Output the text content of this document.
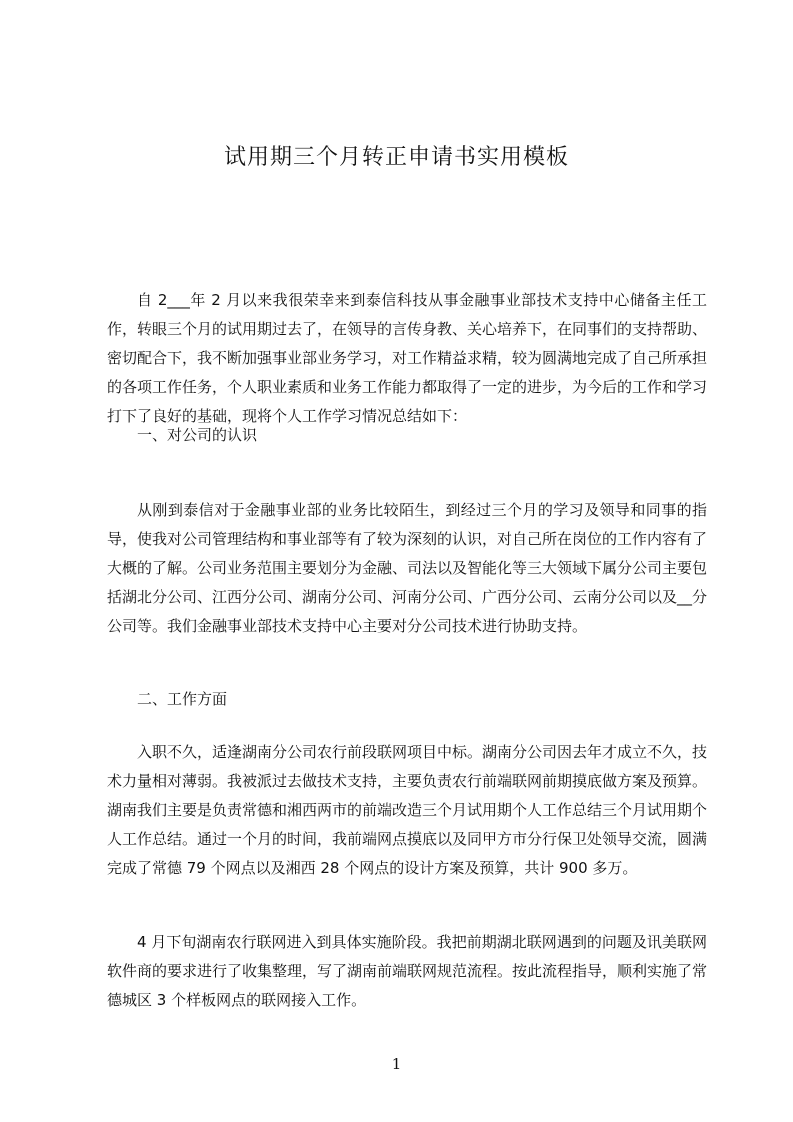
试用期三个月转正申请书实用模板
自 2___年 2 月以来我很荣幸来到泰信科技从事金融事业部技术支持中心储备主任工作，转眼三个月的试用期过去了，在领导的言传身教、关心培养下，在同事们的支持帮助、密切配合下，我不断加强事业部业务学习，对工作精益求精，较为圆满地完成了自己所承担的各项工作任务，个人职业素质和业务工作能力都取得了一定的进步，为今后的工作和学习打下了良好的基础，现将个人工作学习情况总结如下：
一、对公司的认识
从刚到泰信对于金融事业部的业务比较陌生，到经过三个月的学习及领导和同事的指导，使我对公司管理结构和事业部等有了较为深刻的认识，对自己所在岗位的工作内容有了大概的了解。公司业务范围主要划分为金融、司法以及智能化等三大领域下属分公司主要包括湖北分公司、江西分公司、湖南分公司、河南分公司、广西分公司、云南分公司以及__分公司等。我们金融事业部技术支持中心主要对分公司技术进行协助支持。
二、工作方面
入职不久，适逢湖南分公司农行前段联网项目中标。湖南分公司因去年才成立不久，技术力量相对薄弱。我被派过去做技术支持，主要负责农行前端联网前期摸底做方案及预算。湖南我们主要是负责常德和湘西两市的前端改造三个月试用期个人工作总结三个月试用期个人工作总结。通过一个月的时间，我前端网点摸底以及同甲方市分行保卫处领导交流，圆满完成了常德 79 个网点以及湘西 28 个网点的设计方案及预算，共计 900 多万。
4 月下旬湖南农行联网进入到具体实施阶段。我把前期湖北联网遇到的问题及讯美联网软件商的要求进行了收集整理，写了湖南前端联网规范流程。按此流程指导，顺利实施了常德城区 3 个样板网点的联网接入工作。
1
